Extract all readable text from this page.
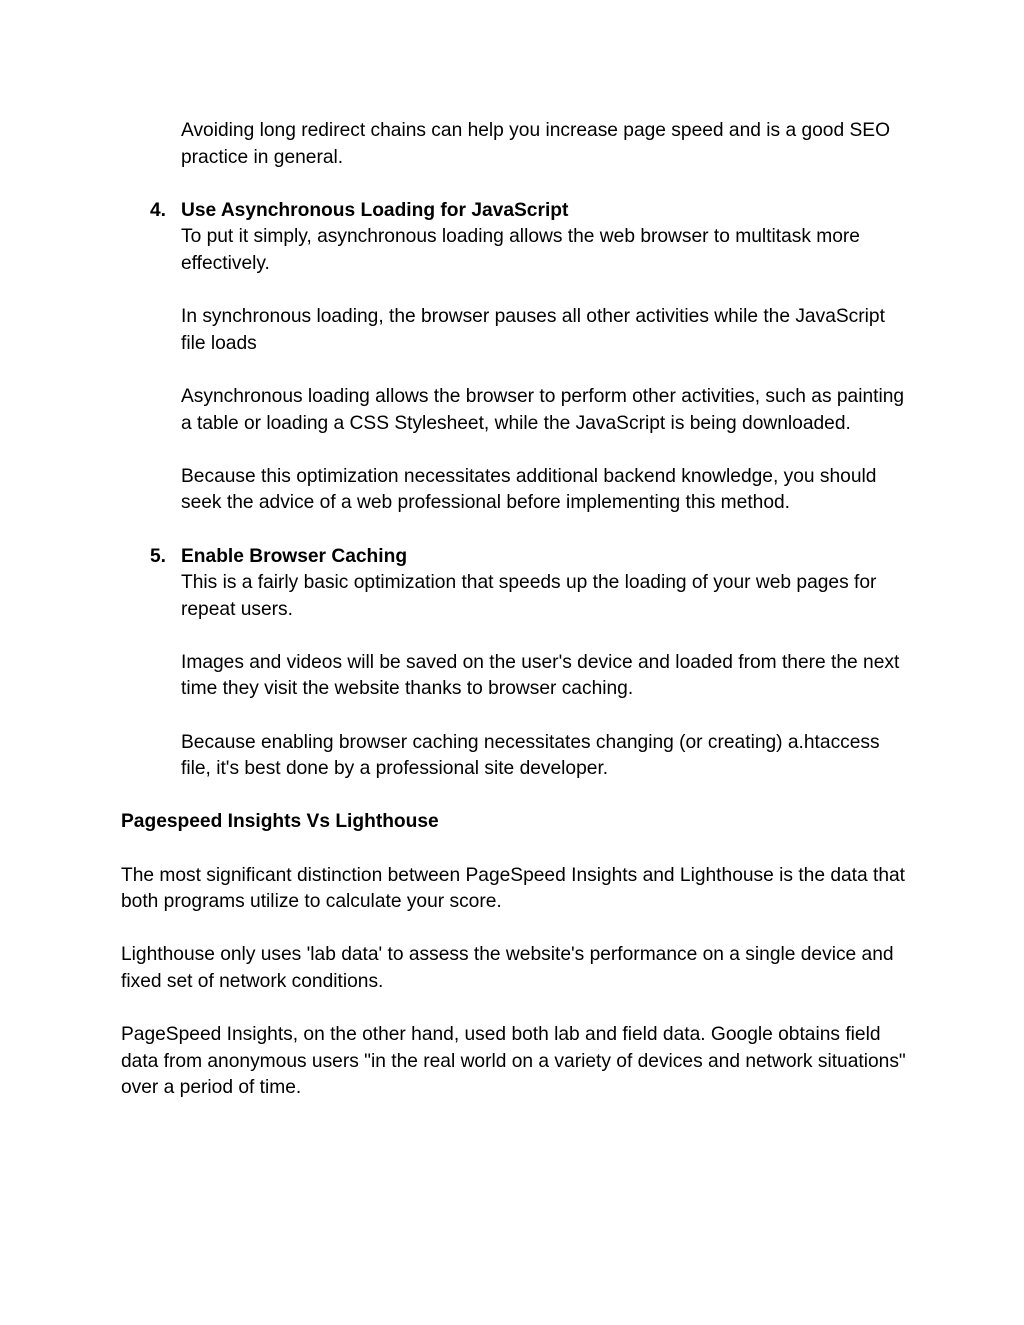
Avoiding long redirect chains can help you increase page speed and is a good SEO practice in general.

4. Use Asynchronous Loading for JavaScript

To put it simply, asynchronous loading allows the web browser to multitask more effectively.

In synchronous loading, the browser pauses all other activities while the JavaScript file loads

Asynchronous loading allows the browser to perform other activities, such as painting a table or loading a CSS Stylesheet, while the JavaScript is being downloaded.

Because this optimization necessitates additional backend knowledge, you should seek the advice of a web professional before implementing this method.

5. Enable Browser Caching

This is a fairly basic optimization that speeds up the loading of your web pages for repeat users.

Images and videos will be saved on the user's device and loaded from there the next time they visit the website thanks to browser caching.

Because enabling browser caching necessitates changing (or creating) a.htaccess file, it's best done by a professional site developer.

Pagespeed Insights Vs Lighthouse

The most significant distinction between PageSpeed Insights and Lighthouse is the data that both programs utilize to calculate your score.

Lighthouse only uses 'lab data' to assess the website's performance on a single device and fixed set of network conditions.

PageSpeed Insights, on the other hand, used both lab and field data. Google obtains field data from anonymous users "in the real world on a variety of devices and network situations" over a period of time.
